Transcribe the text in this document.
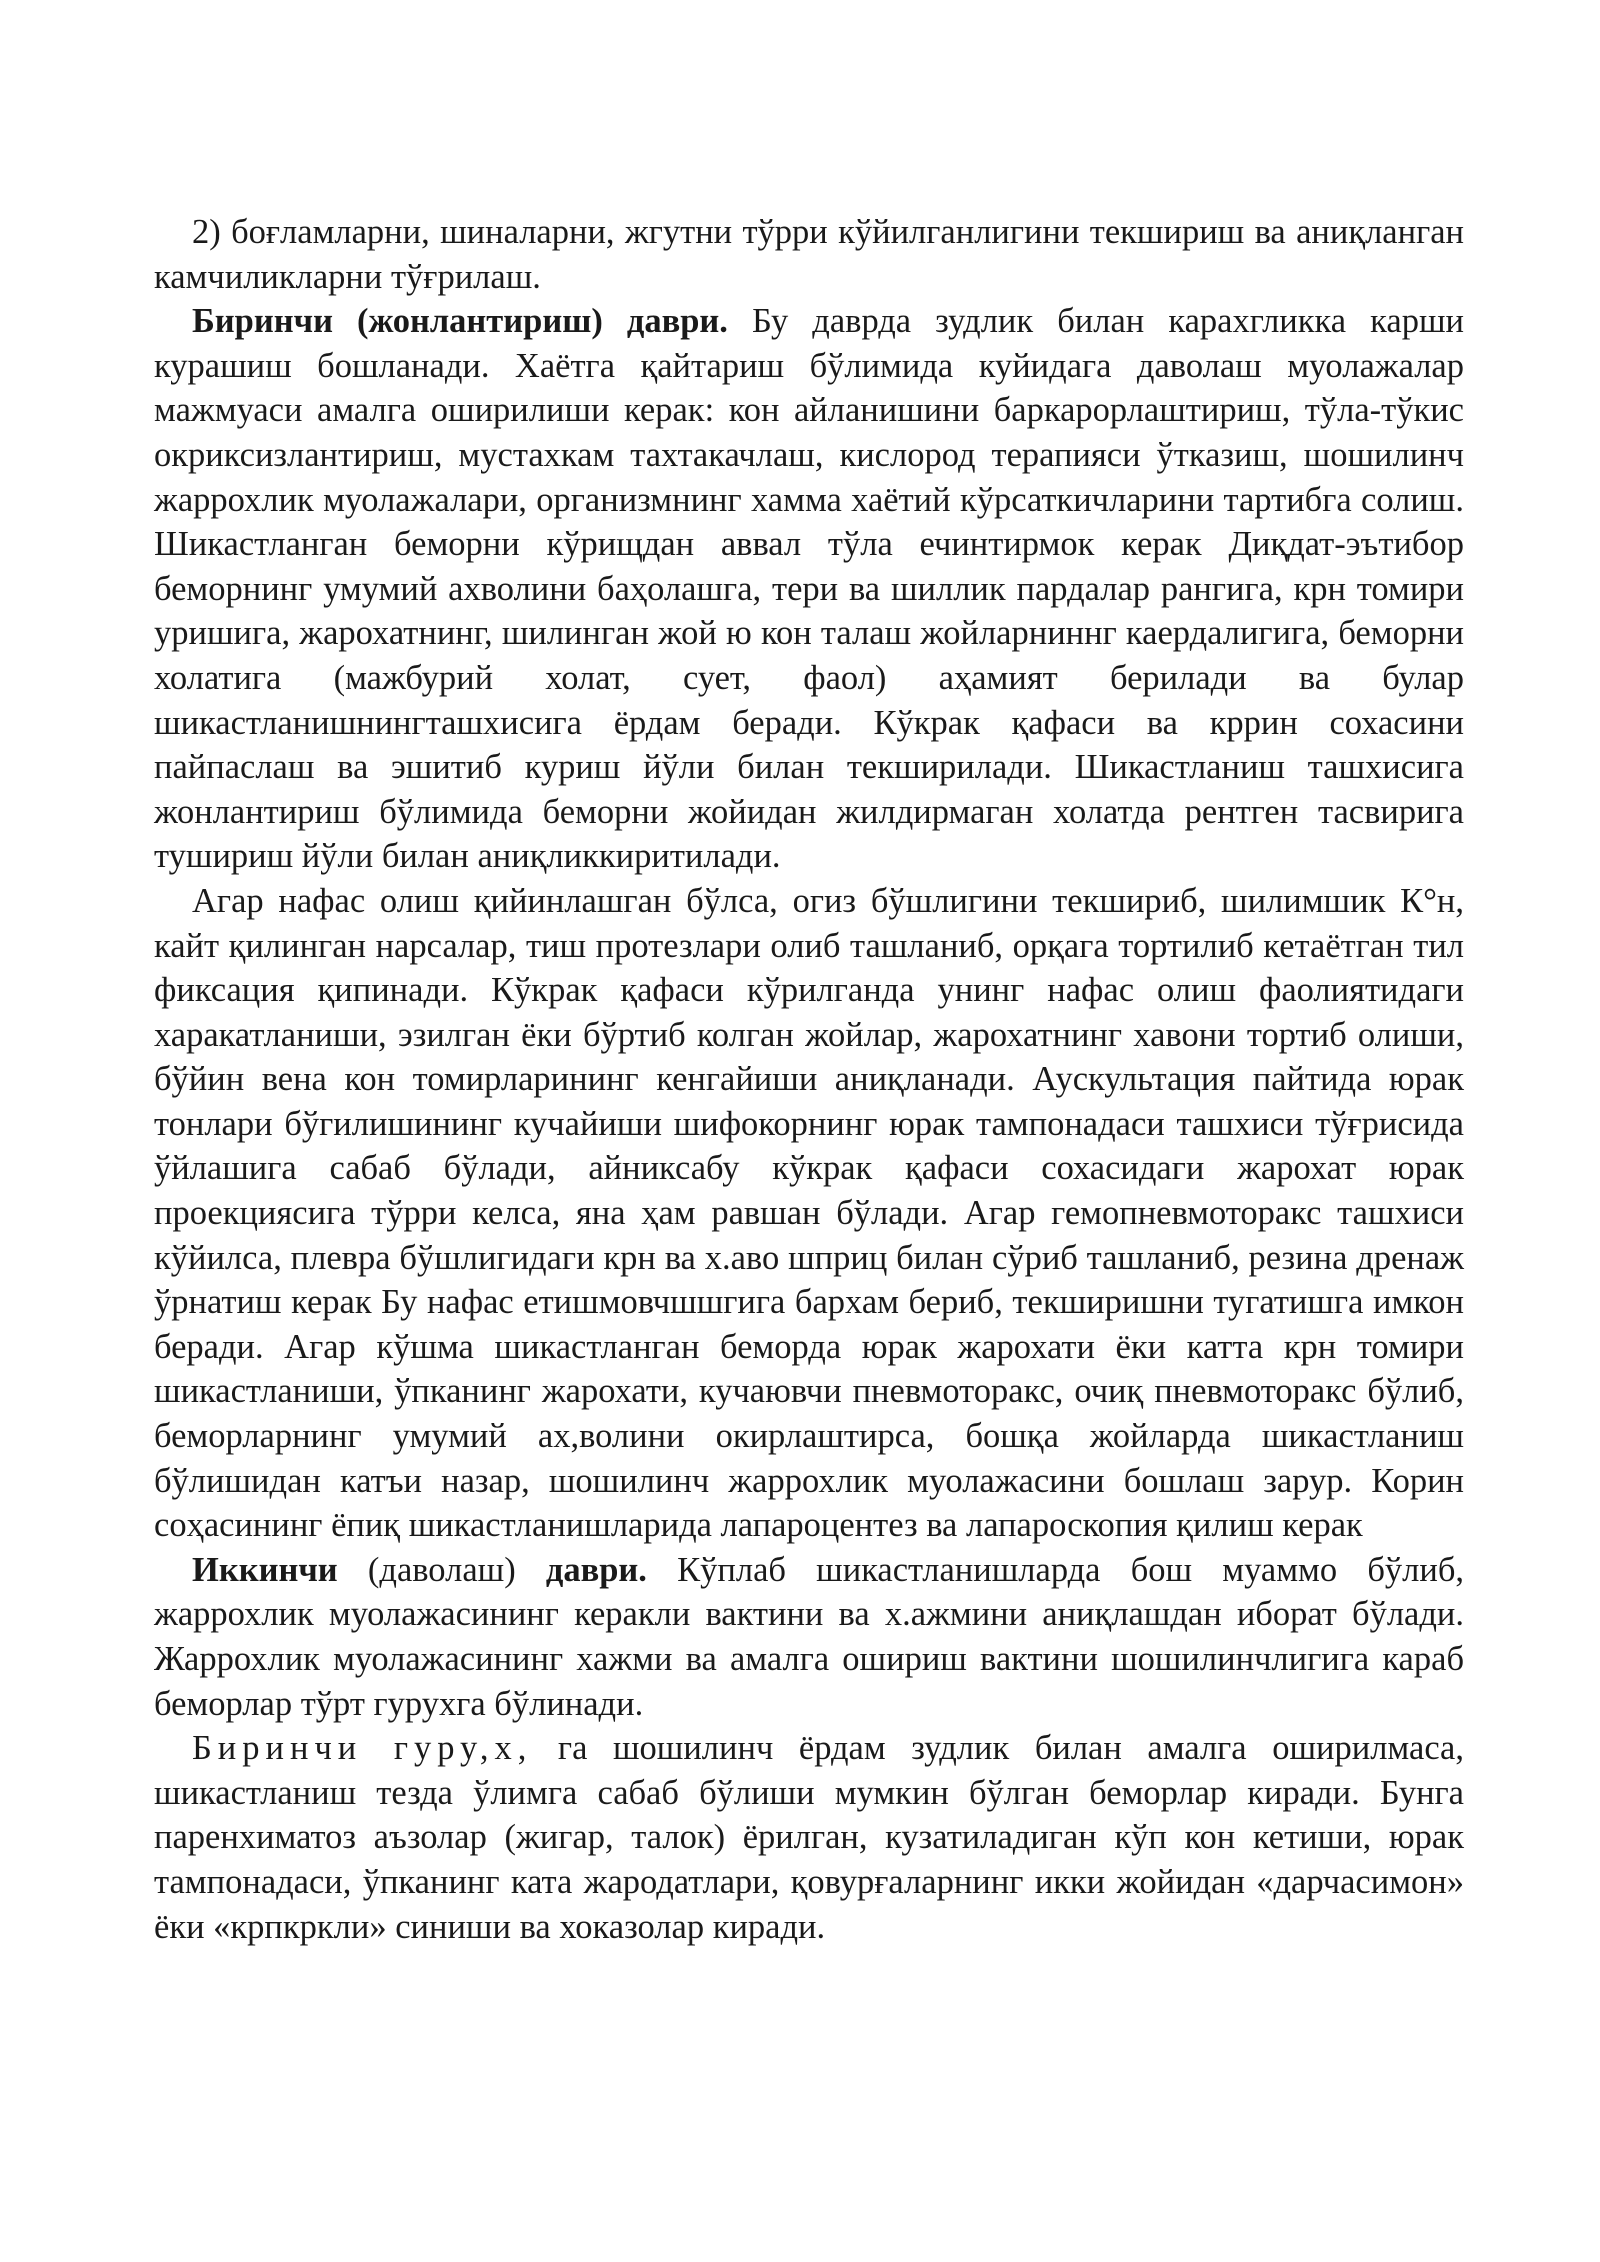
2) боғламларни, шиналарни, жгутни тўрри кўйилганлигини текшириш ва аниқланган камчиликларни тўғрилаш.

Биринчи (жонлантириш) даври. Бу даврда зудлик билан карахгликка карши курашиш бошланади. Хаётга қайтариш бўлимида куйидага даволаш муолажалар мажмуаси амалга оширилиши керак: кон айланишини баркарорлаштириш, тўла-тўкис окриксизлантириш, мустахкам тахтакачлаш, кислород терапияси ўтказиш, шошилинч жаррохлик муолажалари, организмнинг хамма хаётий кўрсаткичларини тартибга солиш. Шикастланган беморни кўрищдан аввал тўла ечинтирмок керак Диқдат-эътибор беморнинг умумий ахволини баҳолашга, тери ва шиллик пардалар рангига, крн томири уришига, жарохатнинг, шилинган жой ю кон талаш жойларниннг каердалигига, беморни холатига (мажбурий холат, сует, фаол) аҳамият берилади ва булар шикастланишнингташхисига ёрдам беради. Кўкрак қафаси ва кррин сохасини пайпаслаш ва эшитиб куриш йўли билан текширилади. Шикастланиш ташхисига жонлантириш бўлимида беморни жойидан жилдирмаган холатда рентген тасвирига тушириш йўли билан аниқликкиритилади.

Агар нафас олиш қийинлашган бўлса, огиз бўшлигини текшириб, шилимшик К°н, кайт қилинган нарсалар, тиш протезлари олиб ташланиб, орқага тортилиб кетаётган тил фиксация қипинади. Кўкрак қафаси кўрилганда унинг нафас олиш фаолиятидаги харакатланиши, эзилган ёки бўртиб колган жойлар, жарохатнинг хавони тортиб олиши, бўйин вена кон томирларининг кенгайиши аниқланади. Аускультация пайтида юрак тонлари бўгилишининг кучайиши шифокорнинг юрак тампонадаси ташхиси тўғрисида ўйлашига сабаб бўлади, айниксабу кўкрак қафаси сохасидаги жарохат юрак проекциясига тўрри келса, яна ҳам равшан бўлади. Агар гемопневмоторакс ташхиси кўйилса, плевра бўшлигидаги крн ва х.аво шприц билан сўриб ташланиб, резина дренаж ўрнатиш керак Бу нафас етишмовчшшгига бархам бериб, текширишни тугатишга имкон беради. Агар кўшма шикастланган беморда юрак жарохати ёки катта крн томири шикастланиши, ўпканинг жарохати, кучаювчи пневмоторакс, очиқ пневмоторакс бўлиб, беморларнинг умумий ах,волини окирлаштирса, бошқа жойларда шикастланиш бўлишидан катъи назар, шошилинч жаррохлик муолажасини бошлаш зарур. Корин соҳасининг ёпиқ шикастланишларида лапароцентез ва лапароскопия қилиш керак

Иккинчи (даволаш) даври. Кўплаб шикастланишларда бош муаммо бўлиб, жаррохлик муолажасининг керакли вактини ва х.ажмини аниқлашдан иборат бўлади. Жаррохлик муолажасининг хажми ва амалга ошириш вактини шошилинчлигига караб беморлар тўрт гурухга бўлинади.

Биринчи гуру,х, га шошилинч ёрдам зудлик билан амалга оширилмаса, шикастланиш тезда ўлимга сабаб бўлиши мумкин бўлган беморлар киради. Бунга паренхиматоз аъзолар (жигар, талок) ёрилган, кузатиладиган кўп кон кетиши, юрак тампонадаси, ўпканинг ката жародатлари, қовурғаларнинг икки жойидан «дарчасимон» ёки «крпкркли» синиши ва хоказолар киради.
